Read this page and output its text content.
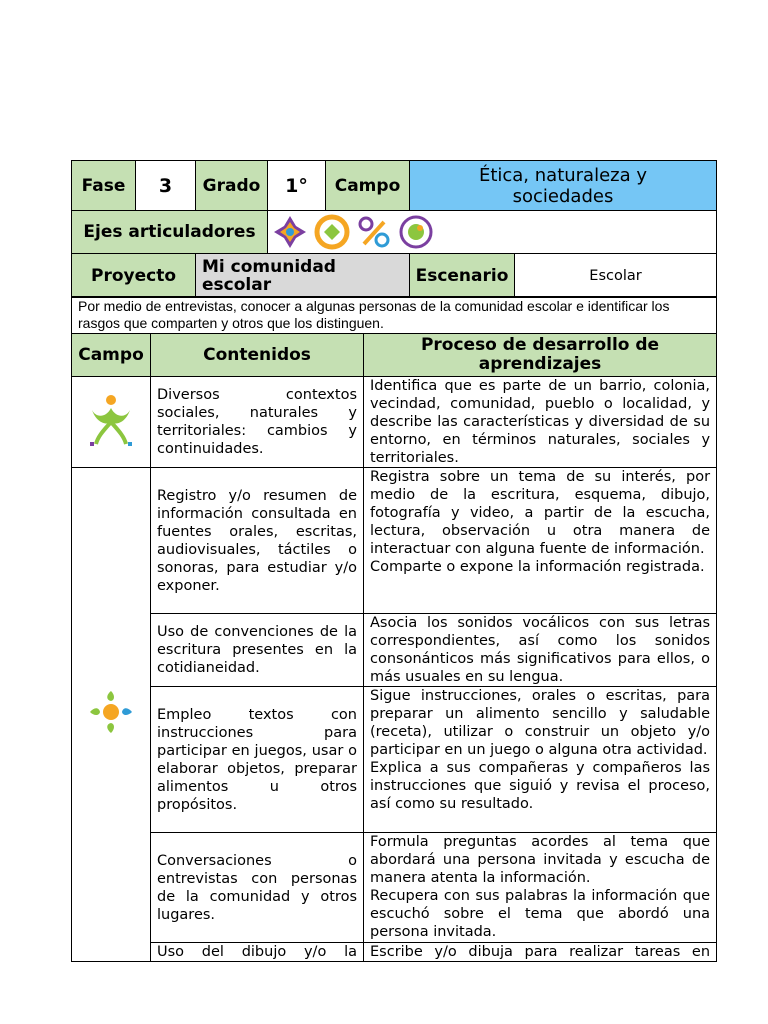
Fase	3	Grado	1°	Campo	Ética, naturaleza y sociedades
Ejes articuladores	

Proyecto		Mi comunidad escolar			Escenario Escolar
Por medio de entrevistas, conocer a algunas personas de la comunidad escolar e identificar los rasgos que comparten y otros que los distinguen.		
Campo	Contenidos	Proceso de desarrollo de aprendizajes
	Diversos contextos sociales, naturales y territoriales: cambios y continuidades.	Identifica que es parte de un barrio, colonia, vecindad, comunidad, pueblo o localidad, y describe las características y diversidad de su entorno, en términos naturales, sociales y territoriales.
	Registro y/o resumen de información consultada en fuentes orales, escritas, audiovisuales, táctiles o sonoras, para estudiar y/o exponer.	Registra sobre un tema de su interés, por medio de la escritura, esquema, dibujo, fotografía y video, a partir de la escucha, lectura, observación u otra manera de interactuar con alguna fuente de información.
Comparte o expone la información registrada.

	Uso de convenciones de la escritura presentes en la cotidianeidad.	Asocia los sonidos vocálicos con sus letras correspondientes, así como los sonidos consonánticos más significativos para ellos, o más usuales en su lengua.
	Empleo textos con instrucciones para participar en juegos, usar o elaborar objetos, preparar alimentos u otros propósitos.	Sigue instrucciones, orales o escritas, para preparar un alimento sencillo y saludable (receta), utilizar o construir un objeto y/o participar en un juego o alguna otra actividad.
Explica a sus compañeras y compañeros las instrucciones que siguió y revisa el proceso, así como su resultado.

	Conversaciones o entrevistas con personas de la comunidad y otros lugares.	Formula preguntas acordes al tema que abordará una persona invitada y escucha de manera atenta la información.
Recupera con sus palabras la información que escuchó sobre el tema que abordó una persona invitada.

	Uso del dibujo y/o la	Escribe y/o dibuja para realizar tareas en
